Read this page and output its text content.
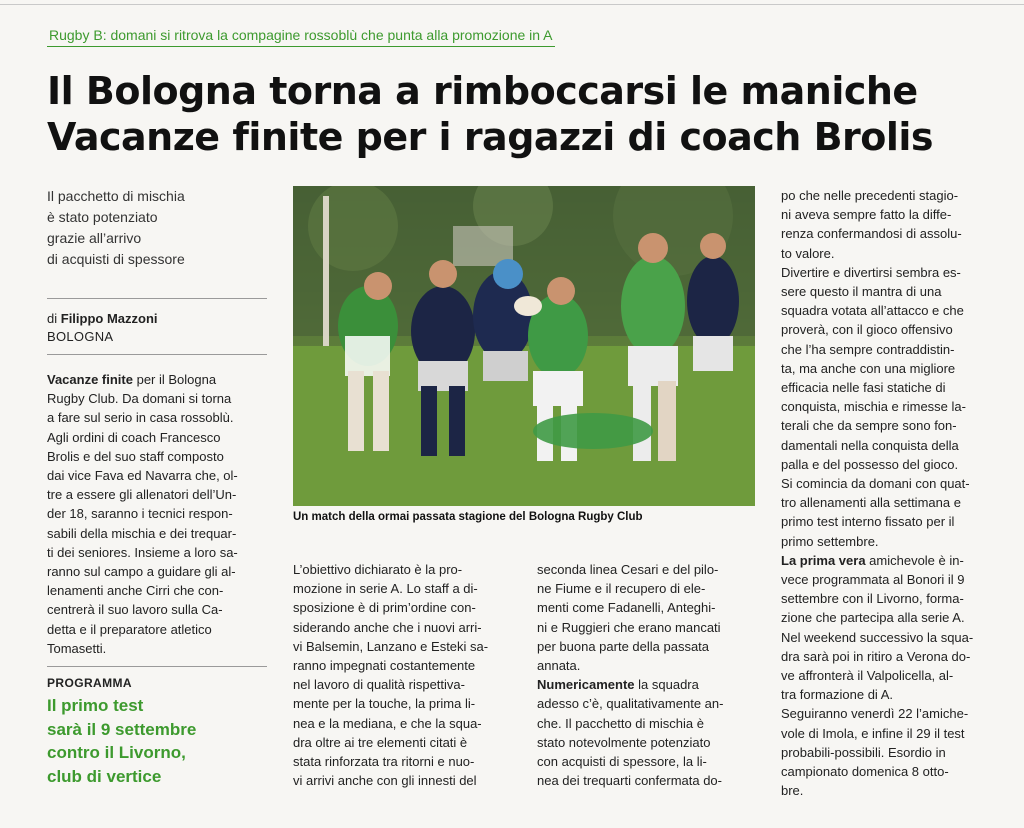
Rugby B: domani si ritrova la compagine rossoblù che punta alla promozione in A
Il Bologna torna a rimboccarsi le maniche
Vacanze finite per i ragazzi di coach Brolis
Il pacchetto di mischia
è stato potenziato
grazie all’arrivo
di acquisti di spessore
di Filippo Mazzoni
BOLOGNA
Vacanze finite per il Bologna
Rugby Club. Da domani si torna
a fare sul serio in casa rossoblù.
Agli ordini di coach Francesco
Brolis e del suo staff composto
dai vice Fava ed Navarra che, ol-
tre a essere gli allenatori dell’Un-
der 18, saranno i tecnici respon-
sabili della mischia e dei trequar-
ti dei seniores. Insieme a loro sa-
ranno sul campo a guidare gli al-
lenamenti anche Cirri che con-
centrerà il suo lavoro sulla Ca-
detta e il preparatore atletico
Tomasetti.
PROGRAMMA
Il primo test
sarà il 9 settembre
contro il Livorno,
club di vertice
Un match della ormai passata stagione del Bologna Rugby Club
L’obiettivo dichiarato è la pro-
mozione in serie A. Lo staff a di-
sposizione è di prim’ordine con-
siderando anche che i nuovi arri-
vi Balsemin, Lanzano e Esteki sa-
ranno impegnati costantemente
nel lavoro di qualità rispettiva-
mente per la touche, la prima li-
nea e la mediana, e che la squa-
dra oltre ai tre elementi citati è
stata rinforzata tra ritorni e nuo-
vi arrivi anche con gli innesti del
seconda linea Cesari e del pilo-
ne Fiume e il recupero di ele-
menti come Fadanelli, Anteghi-
ni e Ruggieri che erano mancati
per buona parte della passata
annata.
Numericamente la squadra
adesso c’è, qualitativamente an-
che. Il pacchetto di mischia è
stato notevolmente potenziato
con acquisti di spessore, la li-
nea dei trequarti confermata do-
po che nelle precedenti stagio-
ni aveva sempre fatto la diffe-
renza confermandosi di assolu-
to valore.
Divertire e divertirsi sembra es-
sere questo il mantra di una
squadra votata all’attacco e che
proverà, con il gioco offensivo
che l’ha sempre contraddistin-
ta, ma anche con una migliore
efficacia nelle fasi statiche di
conquista, mischia e rimesse la-
terali che da sempre sono fon-
damentali nella conquista della
palla e del possesso del gioco.
Si comincia da domani con quat-
tro allenamenti alla settimana e
primo test interno fissato per il
primo settembre.
La prima vera amichevole è in-
vece programmata al Bonori il 9
settembre con il Livorno, forma-
zione che partecipa alla serie A.
Nel weekend successivo la squa-
dra sarà poi in ritiro a Verona do-
ve affronterà il Valpolicella, al-
tra formazione di A.
Seguiranno venerdì 22 l’amiche-
vole di Imola, e infine il 29 il test
probabili-possibili. Esordio in
campionato domenica 8 otto-
bre.
